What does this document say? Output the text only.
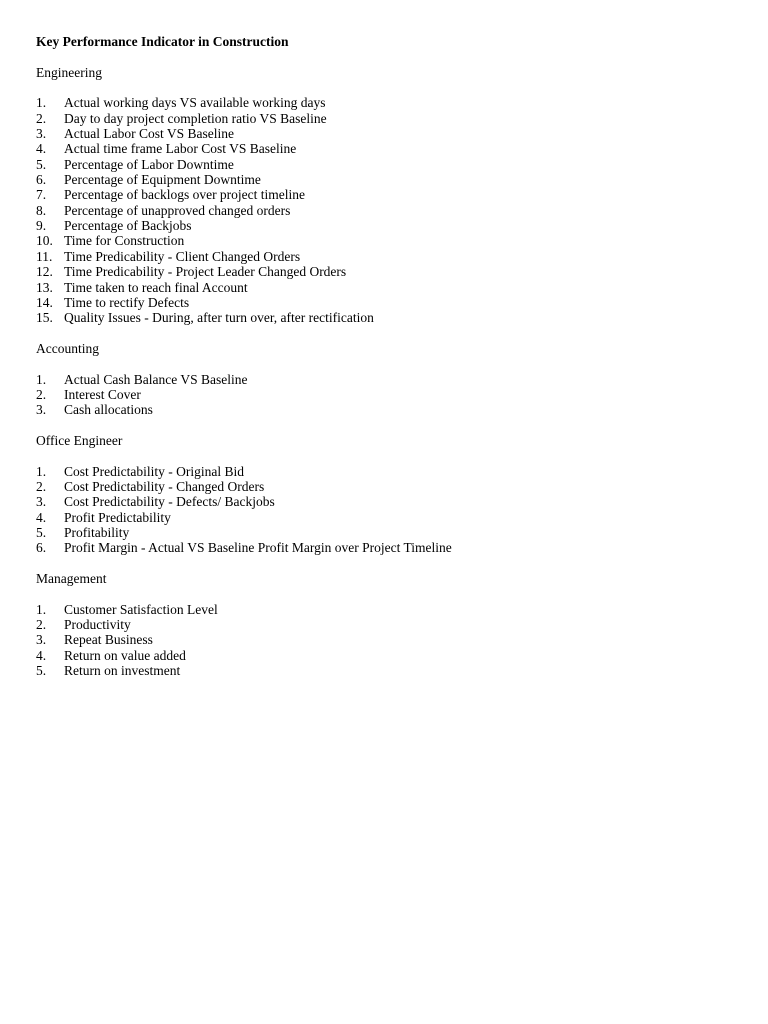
Key Performance Indicator in Construction
Engineering
1.	Actual working days VS available working days
2.	Day to day project completion ratio VS Baseline
3.	Actual Labor Cost VS Baseline
4.	Actual time frame Labor Cost VS Baseline
5.	Percentage of Labor Downtime
6.	Percentage of Equipment Downtime
7.	Percentage of backlogs over project timeline
8.	Percentage of unapproved changed orders
9.	Percentage of Backjobs
10. Time for Construction
11. Time Predicability - Client Changed Orders
12. Time Predicability - Project Leader Changed Orders
13. Time taken to reach final Account
14. Time to rectify Defects
15. Quality Issues - During, after turn over, after rectification
Accounting
1.	Actual Cash Balance VS Baseline
2.	Interest Cover
3.	Cash allocations
Office Engineer
1.	Cost Predictability - Original Bid
2.	Cost Predictability - Changed Orders
3.	Cost Predictability - Defects/ Backjobs
4.	Profit Predictability
5.	Profitability
6.	Profit Margin - Actual VS Baseline Profit Margin over Project Timeline
Management
1.	Customer Satisfaction Level
2.	Productivity
3.	Repeat Business
4.	Return on value added
5.	Return on investment
